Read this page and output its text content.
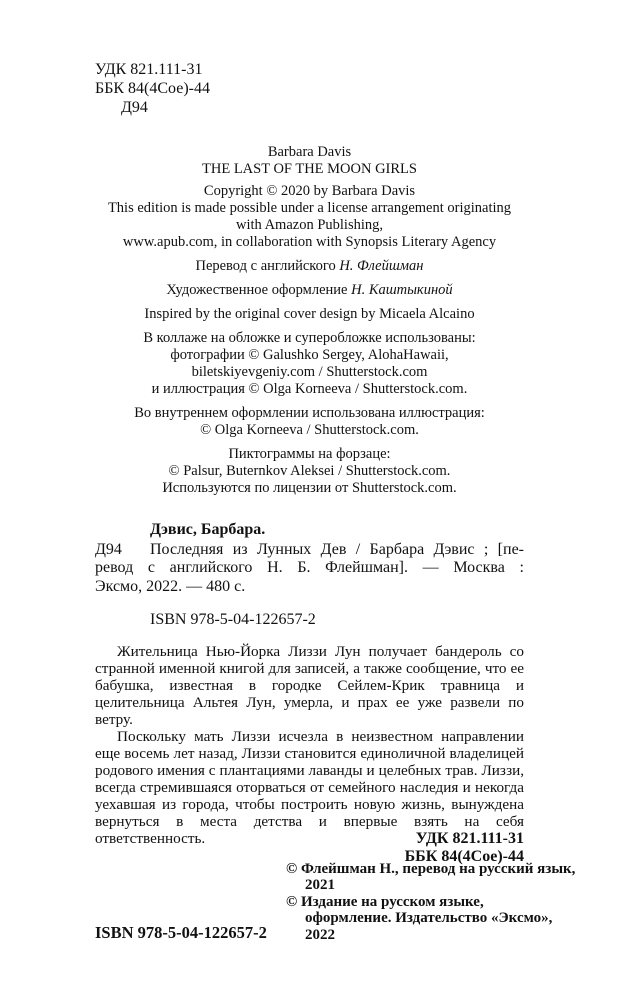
УДК 821.111-31
ББК 84(4Сое)-44
Д94
Barbara Davis
THE LAST OF THE MOON GIRLS
Copyright © 2020 by Barbara Davis
This edition is made possible under a license arrangement originating
with Amazon Publishing,
www.apub.com, in collaboration with Synopsis Literary Agency
Перевод с английского Н. Флейшман
Художественное оформление Н. Каштыкиной
Inspired by the original cover design by Micaela Alcaino
В коллаже на обложке и суперобложке использованы:
фотографии © Galushko Sergey, AlohaHawaii,
biletskiyevgeniy.com / Shutterstock.com
и иллюстрация © Olga Korneeva / Shutterstock.com.
Во внутреннем оформлении использована иллюстрация:
© Olga Korneeva / Shutterstock.com.
Пиктограммы на форзаце:
© Palsur, Buternkov Aleksei / Shutterstock.com.
Используются по лицензии от Shutterstock.com.
Дэвис, Барбара.
Д94	Последняя из Лунных Дев / Барбара Дэвис ; [пе-
ревод с английского Н. Б. Флейшман]. — Москва :
Эксмо, 2022. — 480 с.
ISBN 978-5-04-122657-2

Жительница Нью-Йорка Лиззи Лун получает бандероль со странной именной книгой для записей, а также сообщение, что ее бабушка, известная в городке Сейлем-Крик травница и целительница Альтея Лун, умерла, и прах ее уже развели по ветру.

Поскольку мать Лиззи исчезла в неизвестном направлении еще восемь лет назад, Лиззи становится единоличной владелицей родового имения с плантациями лаванды и целебных трав. Лиззи, всегда стремившаяся оторваться от семейного наследия и некогда уехавшая из города, чтобы построить новую жизнь, вынуждена вернуться в места детства и впервые взять на себя ответственность.	УДК 821.111-31
ББК 84(4Сое)-44
ISBN 978-5-04-122657-2
© Флейшман Н., перевод на русский язык,
2021
© Издание на русском языке,
оформление. Издательство «Эксмо», 2022
